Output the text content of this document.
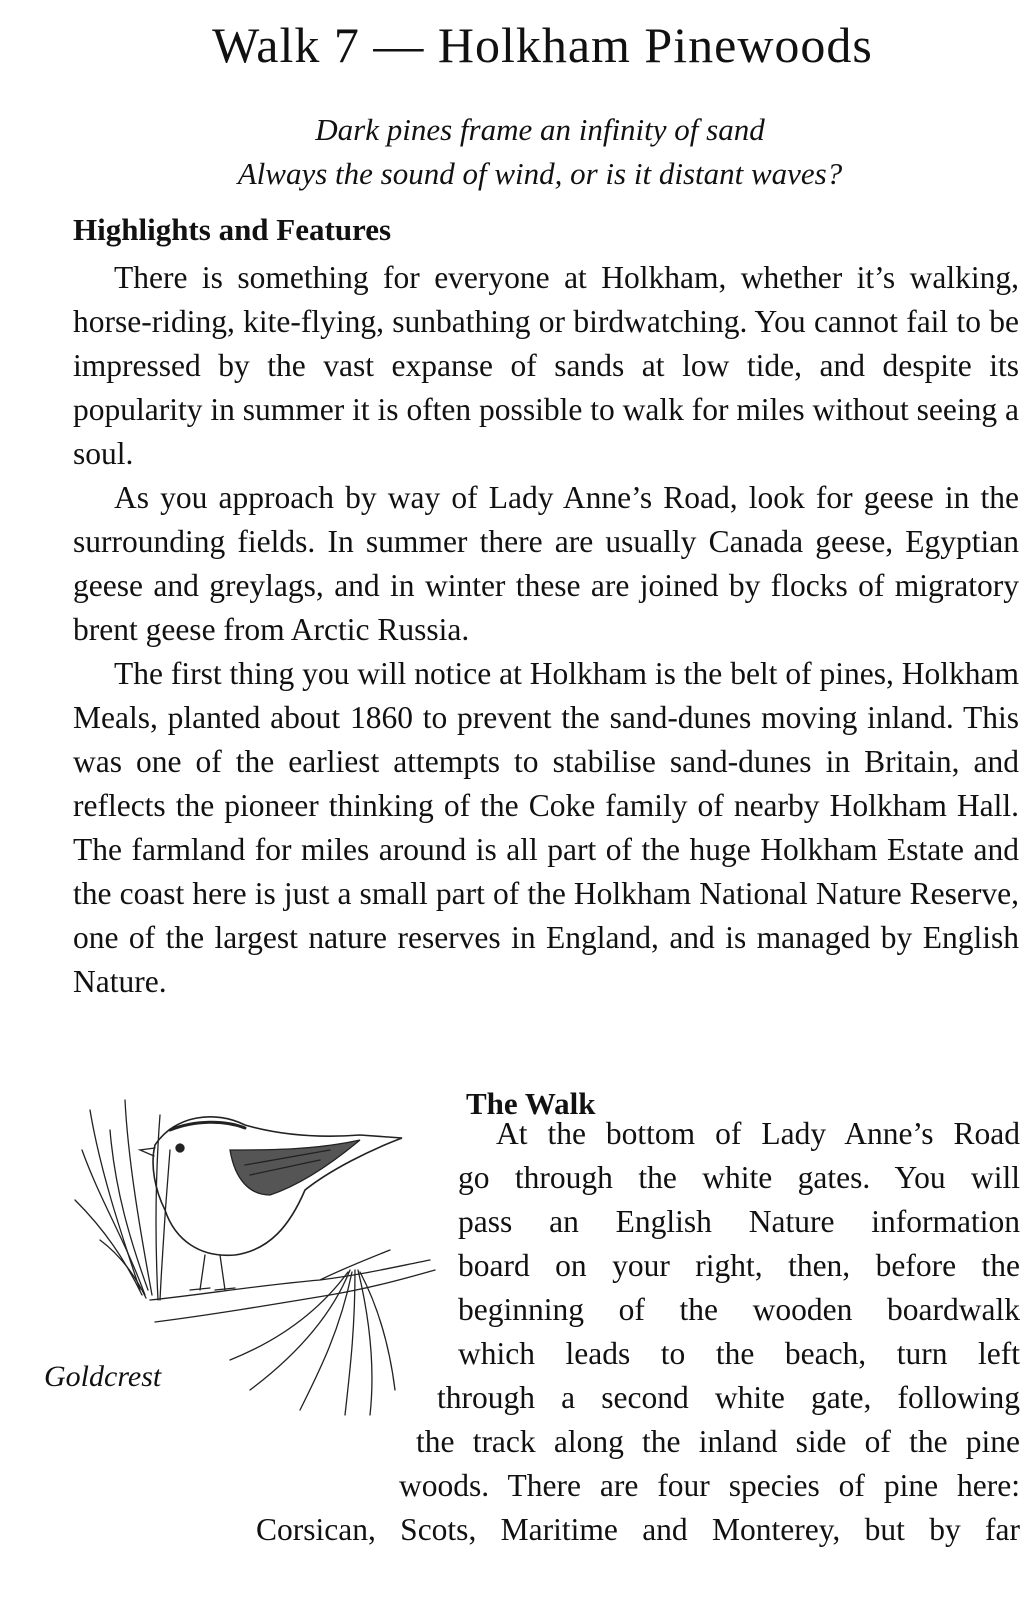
Walk 7 — Holkham Pinewoods
Dark pines frame an infinity of sand
Always the sound of wind, or is it distant waves?
Highlights and Features

There is something for everyone at Holkham, whether it’s walking, horse-riding, kite-flying, sunbathing or birdwatching. You cannot fail to be impressed by the vast expanse of sands at low tide, and despite its popularity in summer it is often possible to walk for miles without seeing a soul.

As you approach by way of Lady Anne’s Road, look for geese in the surrounding fields. In summer there are usually Canada geese, Egyptian geese and greylags, and in winter these are joined by flocks of migratory brent geese from Arctic Russia.

The first thing you will notice at Holkham is the belt of pines, Holkham Meals, planted about 1860 to prevent the sand-dunes moving inland. This was one of the earliest attempts to stabilise sand-dunes in Britain, and reflects the pioneer thinking of the Coke family of nearby Holkham Hall. The farmland for miles around is all part of the huge Holkham Estate and the coast here is just a small part of the Holkham National Nature Reserve, one of the largest nature reserves in England, and is managed by English Nature.

Goldcrest

The Walk
At the bottom of Lady Anne’s Road
go through the white gates. You will
pass an English Nature information
board on your right, then, before the
beginning of the wooden boardwalk
which leads to the beach, turn left
through a second white gate, following
the track along the inland side of the pine
woods. There are four species of pine here:
Corsican, Scots, Maritime and Monterey, but by far
